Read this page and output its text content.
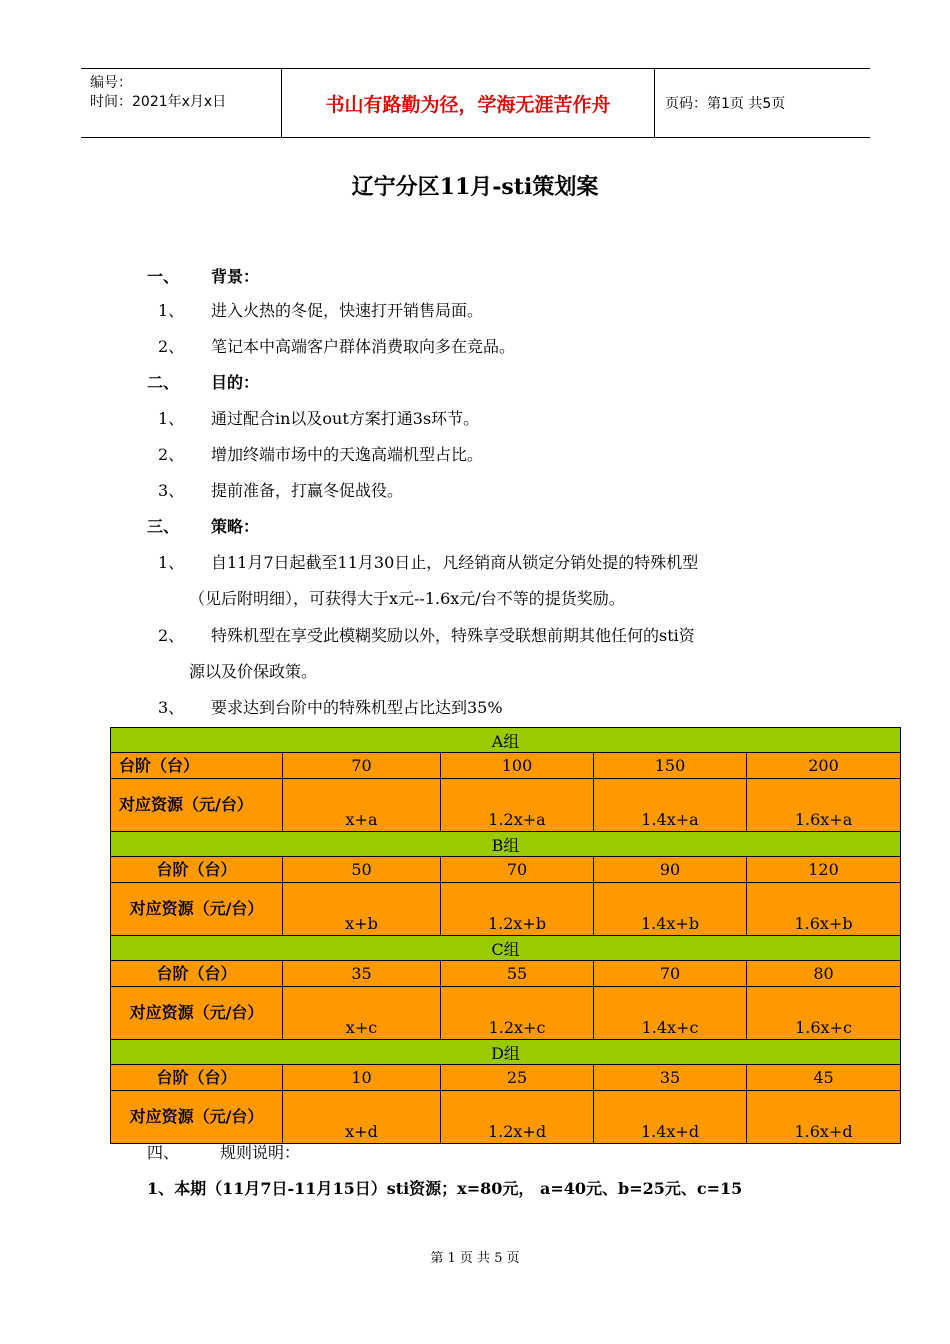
编号：
时间：2021年x月x日	书山有路勤为径，学海无涯苦作舟	页码：第1页 共5页
辽宁分区11月-sti策划案
一、 背景：
1、 进入火热的冬促，快速打开销售局面。
2、 笔记本中高端客户群体消费取向多在竞品。
二、 目的：
1、 通过配合in以及out方案打通3s环节。
2、 增加终端市场中的天逸高端机型占比。
3、 提前准备，打赢冬促战役。
三、 策略：
1、 自11月7日起截至11月30日止，凡经销商从锁定分销处提的特殊机型
（见后附明细），可获得大于x元--1.6x元/台不等的提货奖励。
2、 特殊机型在享受此模糊奖励以外，特殊享受联想前期其他任何的sti资
源以及价保政策。
3、 要求达到台阶中的特殊机型占比达到35%
A组				
台阶（台）	70	100	150	200
对应资源（元/台）	x+a	1.2x+a	1.4x+a	1.6x+a
B组				
台阶（台）	50	70	90	120
对应资源（元/台）	x+b	1.2x+b	1.4x+b	1.6x+b
C组				
台阶（台）	35	55	70	80
对应资源（元/台）	x+c	1.2x+c	1.4x+c	1.6x+c
D组				
台阶（台）	10	25	35	45
对应资源（元/台）	x+d	1.2x+d	1.4x+d	1.6x+d
四、	规则说明：
1、本期（11月7日-11月15日）sti资源；x=80元， a=40元、b=25元、c=15
第 1 页 共 5 页
